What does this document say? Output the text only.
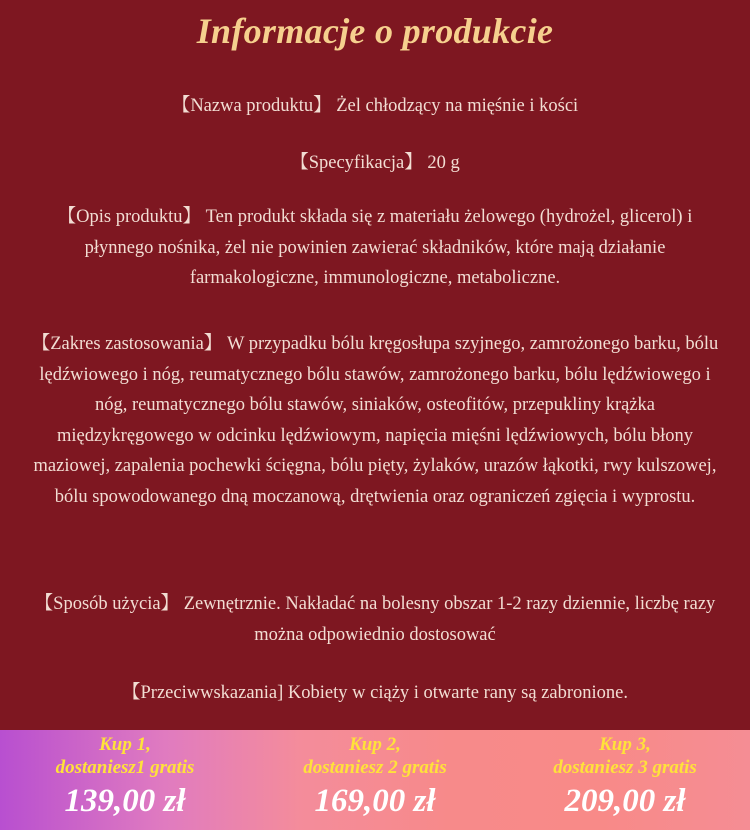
Informacje o produkcie

【Nazwa produktu】 Żel chłodzący na mięśnie i kości

【Specyfikacja】 20 g

【Opis produktu】 Ten produkt składa się z materiału żelowego (hydrożel, glicerol) i płynnego nośnika, żel nie powinien zawierać składników, które mają działanie farmakologiczne, immunologiczne, metaboliczne.

【Zakres zastosowania】 W przypadku bólu kręgosłupa szyjnego, zamrożonego barku, bólu lędźwiowego i nóg, reumatycznego bólu stawów, zamrożonego barku, bólu lędźwiowego i nóg, reumatycznego bólu stawów, siniaków, osteofitów, przepukliny krążka międzykręgowego w odcinku lędźwiowym, napięcia mięśni lędźwiowych, bólu błony maziowej, zapalenia pochewki ścięgna, bólu pięty, żylaków, urazów łąkotki, rwy kulszowej, bólu spowodowanego dną moczanową, drętwienia oraz ograniczeń zgięcia i wyprostu.

【Sposób użycia】 Zewnętrznie. Nakładać na bolesny obszar 1-2 razy dziennie, liczbę razy można odpowiednio dostosować

【Przeciwwskazania] Kobiety w ciąży i otwarte rany są zabronione.

Kup 1,
dostaniesz1 gratis
139,00 zł
Kup 2,
dostaniesz 2 gratis
169,00 zł
Kup 3,
dostaniesz 3 gratis
209,00 zł
